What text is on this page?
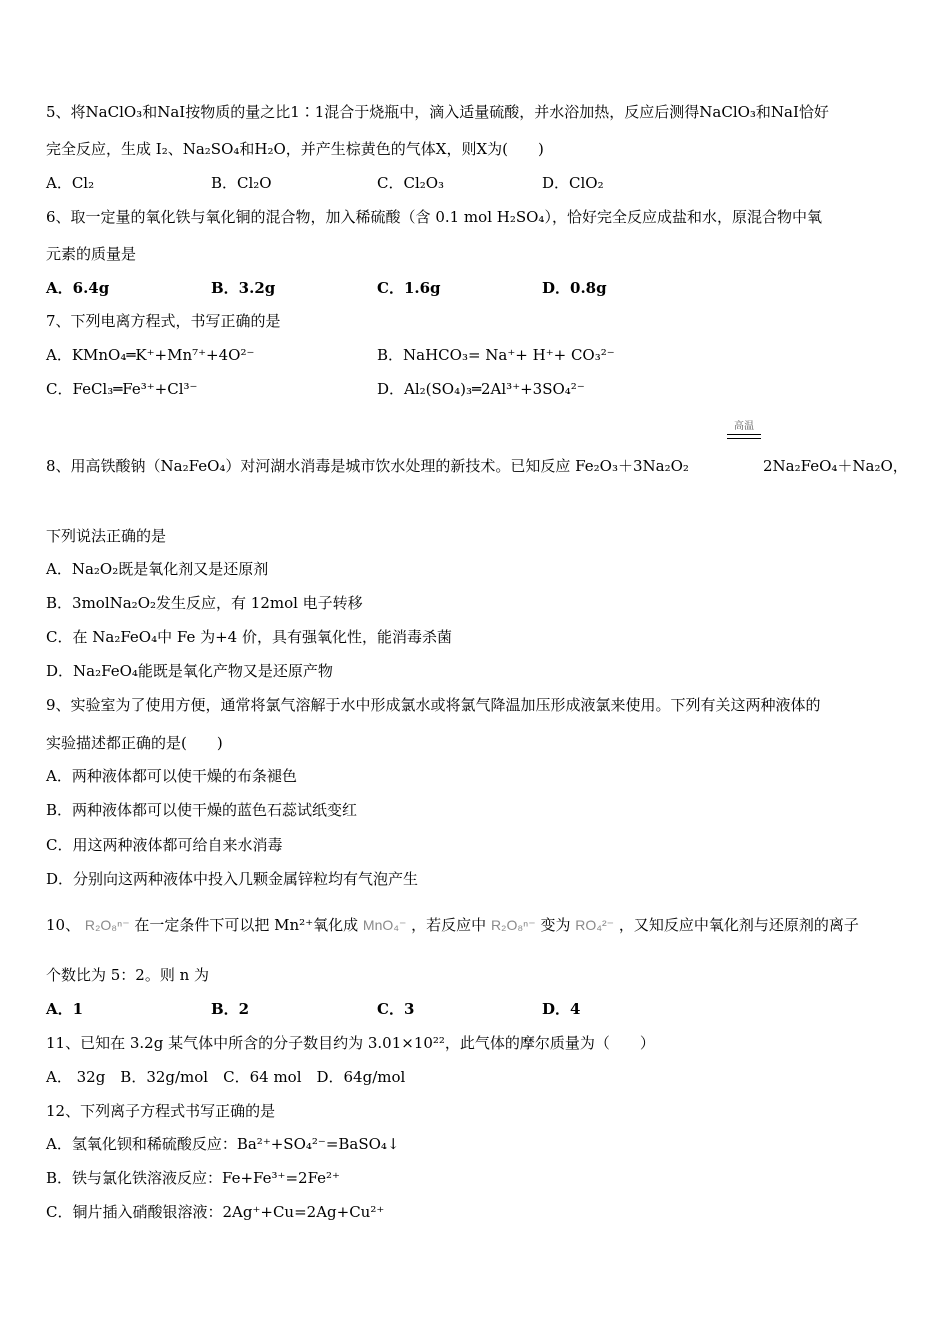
5、将NaClO₃和NaI按物质的量之比1∶1混合于烧瓶中，滴入适量硫酸，并水浴加热，反应后测得NaClO₃和NaI恰好
完全反应，生成 I₂、Na₂SO₄和H₂O，并产生棕黄色的气体X，则X为(　　)
A．Cl₂	B．Cl₂O	C．Cl₂O₃	D．ClO₂
6、取一定量的氧化铁与氧化铜的混合物，加入稀硫酸（含 0.1 mol H₂SO₄），恰好完全反应成盐和水，原混合物中氧
元素的质量是
A．6.4g	B．3.2g	C．1.6g	D．0.8g
7、下列电离方程式，书写正确的是
A．KMnO₄═K⁺+Mn⁷⁺+4O²⁻	B．NaHCO₃= Na⁺+ H⁺+ CO₃²⁻
C．FeCl₃═Fe³⁺+Cl³⁻	D．Al₂(SO₄)₃═2Al³⁺+3SO₄²⁻
高温
8、用高铁酸钠（Na₂FeO₄）对河湖水消毒是城市饮水处理的新技术。已知反应 Fe₂O₃＋3Na₂O₂	2Na₂FeO₄＋Na₂O，
下列说法正确的是
A．Na₂O₂既是氧化剂又是还原剂
B．3molNa₂O₂发生反应，有 12mol 电子转移
C．在 Na₂FeO₄中 Fe 为+4 价，具有强氧化性，能消毒杀菌
D．Na₂FeO₄能既是氧化产物又是还原产物
9、实验室为了使用方便，通常将氯气溶解于水中形成氯水或将氯气降温加压形成液氯来使用。下列有关这两种液体的
实验描述都正确的是(　　)
A．两种液体都可以使干燥的布条褪色
B．两种液体都可以使干燥的蓝色石蕊试纸变红
C．用这两种液体都可给自来水消毒
D．分别向这两种液体中投入几颗金属锌粒均有气泡产生
10、 R₂O₈ⁿ⁻ 在一定条件下可以把 Mn²⁺氧化成 MnO₄⁻ ，若反应中 R₂O₈ⁿ⁻ 变为 RO₄²⁻ ，又知反应中氧化剂与还原剂的离子
个数比为 5：2。则 n 为
A．1	B．2	C．3	D．4
11、已知在 3.2g 某气体中所含的分子数目约为 3.01×10²²，此气体的摩尔质量为（　　）
A． 32g　B．32g/mol　C．64 mol　D．64g/mol
12、下列离子方程式书写正确的是
A．氢氧化钡和稀硫酸反应：Ba²⁺+SO₄²⁻=BaSO₄↓
B．铁与氯化铁溶液反应：Fe+Fe³⁺=2Fe²⁺
C．铜片插入硝酸银溶液：2Ag⁺+Cu=2Ag+Cu²⁺
